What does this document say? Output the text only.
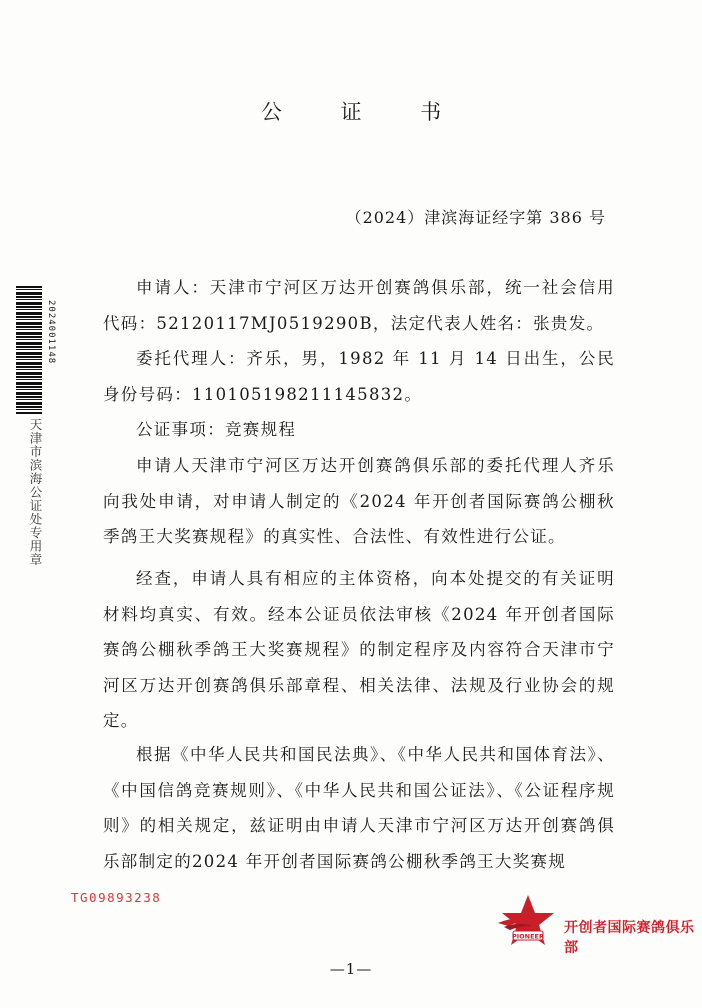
公 证 书
（2024）津滨海证经字第 386 号

申请人：天津市宁河区万达开创赛鸽俱乐部，统一社会信用代码：52120117MJ0519290B，法定代表人姓名：张贵发。

委托代理人：齐乐，男，1982 年 11 月 14 日出生，公民身份号码：110105198211145832。

公证事项：竞赛规程

申请人天津市宁河区万达开创赛鸽俱乐部的委托代理人齐乐向我处申请，对申请人制定的《2024 年开创者国际赛鸽公棚秋季鸽王大奖赛规程》的真实性、合法性、有效性进行公证。

经查，申请人具有相应的主体资格，向本处提交的有关证明材料均真实、有效。经本公证员依法审核《2024 年开创者国际赛鸽公棚秋季鸽王大奖赛规程》的制定程序及内容符合天津市宁河区万达开创赛鸽俱乐部章程、相关法律、法规及行业协会的规定。

根据《中华人民共和国民法典》、《中华人民共和国体育法》、《中国信鸽竞赛规则》、《中华人民共和国公证法》、《公证程序规则》的相关规定，兹证明由申请人天津市宁河区万达开创赛鸽俱乐部制定的2024 年开创者国际赛鸽公棚秋季鸽王大奖赛规

2024001148
天津市滨海公证处专用章
TG09893238
PIONEER
开创者国际赛鸽俱乐部
—1—
